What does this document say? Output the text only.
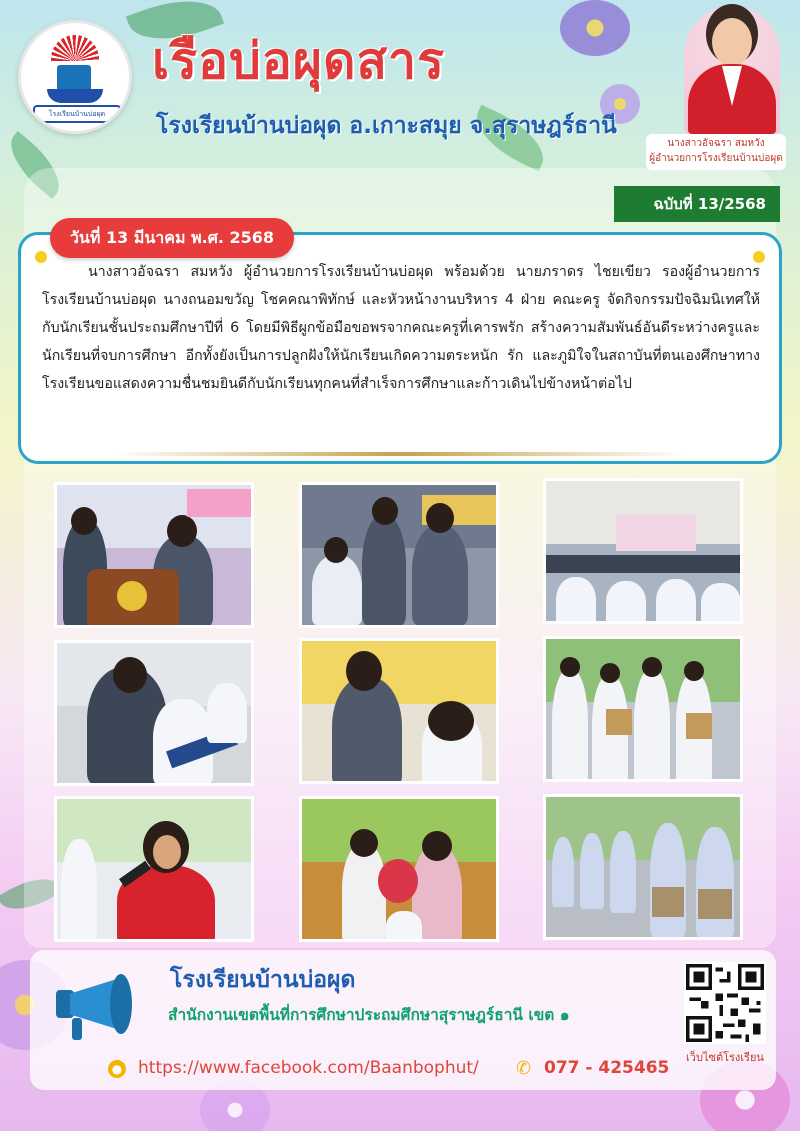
โรงเรียนบ้านบ่อผุด
เรือบ่อผุดสาร

โรงเรียนบ้านบ่อผุด อ.เกาะสมุย จ.สุราษฎร์ธานี

นางสาวอัจฉรา สมหวัง
ผู้อำนวยการโรงเรียนบ้านบ่อผุด
ฉบับที่ 13/2568
วันที่ 13 มีนาคม พ.ศ. 2568

นางสาวอัจฉรา สมหวัง ผู้อำนวยการโรงเรียนบ้านบ่อผุด พร้อมด้วย นายภราดร ไชยเขียว รองผู้อำนวยการโรงเรียนบ้านบ่อผุด นางถนอมขวัญ โชคคณาพิทักษ์ และหัวหน้างานบริหาร 4 ฝ่าย คณะครู จัดกิจกรรมปัจฉิมนิเทศให้กับนักเรียนชั้นประถมศึกษาปีที่ 6 โดยมีพิธีผูกข้อมือขอพรจากคณะครูที่เคารพรัก สร้างความสัมพันธ์อันดีระหว่างครูและนักเรียนที่จบการศึกษา อีกทั้งยังเป็นการปลูกฝังให้นักเรียนเกิดความตระหนัก รัก และภูมิใจในสถาบันที่ตนเองศึกษาทางโรงเรียนขอแสดงความชื่นชมยินดีกับนักเรียนทุกคนที่สำเร็จการศึกษาและก้าวเดินไปข้างหน้าต่อไป

โรงเรียนบ้านบ่อผุด

สำนักงานเขตพื้นที่การศึกษาประถมศึกษาสุราษฎร์ธานี เขต ๑

● https://www.facebook.com/Baanbophut/ ✆ 077 - 425465
เว็บไซต์โรงเรียน
